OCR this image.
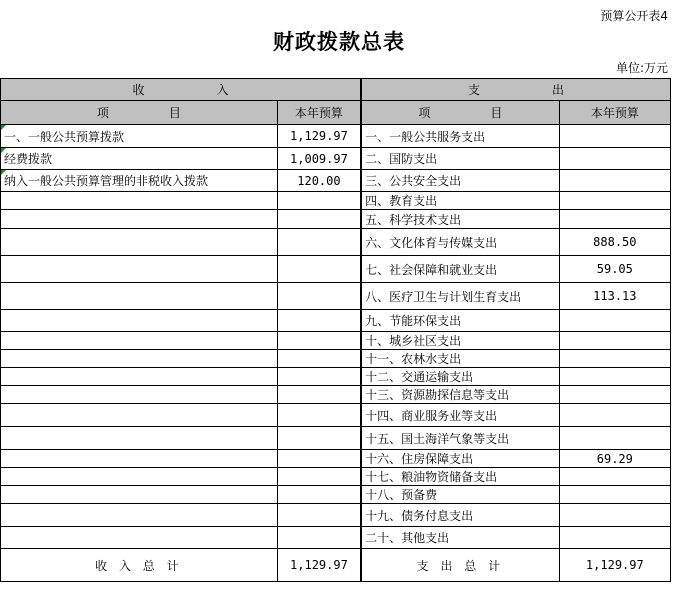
预算公开表4
财政拨款总表
单位:万元
收　　　　　　入		支　　　　　　出	
项　　　　　目	本年预算		项　　　　　目	本年预算

一、一般公共预算拨款	1,129.97		一、一般公共服务支出	

经费拨款	1,009.97		二、国防支出	

纳入一般公共预算管理的非税收入拨款	120.00		三、公共安全支出	
			四、教育支出	
			五、科学技术支出	
			六、文化体育与传媒支出	888.50
			七、社会保障和就业支出	59.05
			八、医疗卫生与计划生育支出	113.13
			九、节能环保支出	
			十、城乡社区支出	
			十一、农林水支出	
			十二、交通运输支出	
			十三、资源勘探信息等支出	
			十四、商业服务业等支出	
			十五、国土海洋气象等支出	
			十六、住房保障支出	69.29
			十七、粮油物资储备支出	
			十八、预备费	
			十九、债务付息支出	
			二十、其他支出	
收 入 总 计	1,129.97		支 出 总 计	1,129.97
